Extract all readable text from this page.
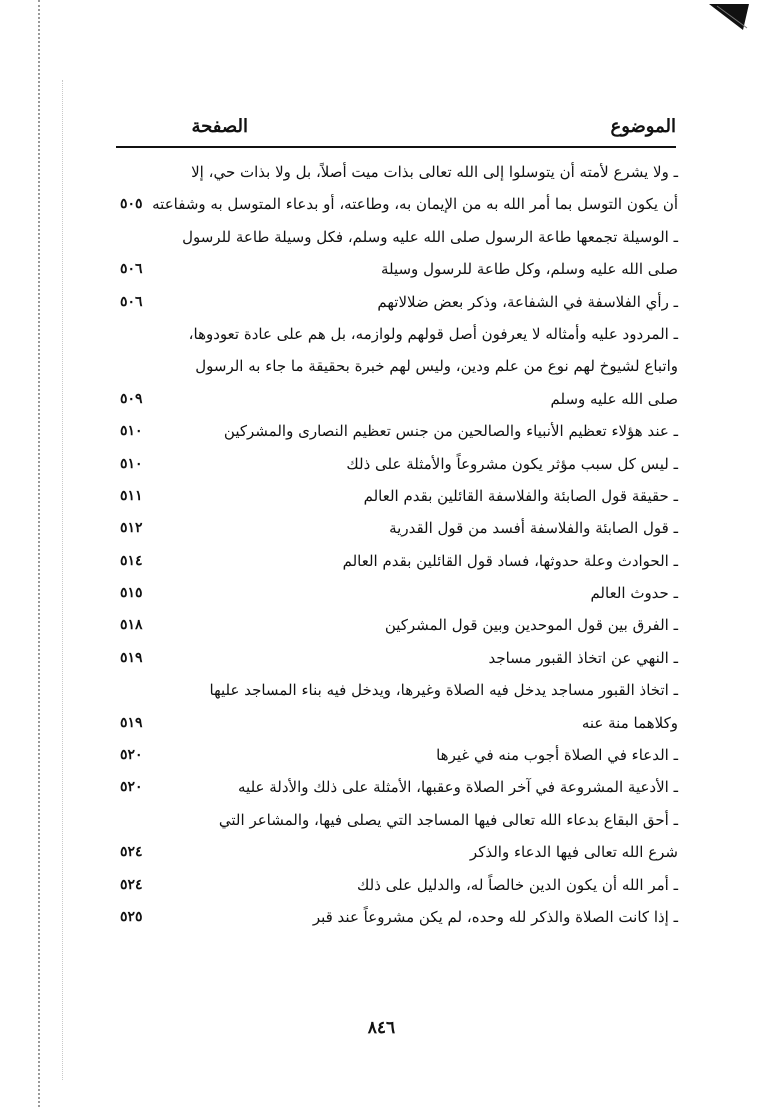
الموضوع
الصفحة
ـ ولا يشرع لأمته أن يتوسلوا إلى الله تعالى بذات ميت أصلاً، بل ولا بذات حي، إلا
أن يكون التوسل بما أمر الله به من الإيمان به، وطاعته، أو بدعاء المتوسل به وشفاعته
٥٠٥
ـ الوسيلة تجمعها طاعة الرسول صلى الله عليه وسلم، فكل وسيلة طاعة للرسول
صلى الله عليه وسلم، وكل طاعة للرسول وسيلة
٥٠٦
ـ رأي الفلاسفة في الشفاعة، وذكر بعض ضلالاتهم
٥٠٦
ـ المردود عليه وأمثاله لا يعرفون أصل قولهم ولوازمه، بل هم على عادة تعودوها،
واتباع لشيوخ لهم نوع من علم ودين، وليس لهم خبرة بحقيقة ما جاء به الرسول
صلى الله عليه وسلم
٥٠٩
ـ عند هؤلاء تعظيم الأنبياء والصالحين من جنس تعظيم النصارى والمشركين
٥١٠
ـ ليس كل سبب مؤثر يكون مشروعاً والأمثلة على ذلك
٥١٠
ـ حقيقة قول الصابئة والفلاسفة القائلين بقدم العالم
٥١١
ـ قول الصابئة والفلاسفة أفسد من قول القدرية
٥١٢
ـ الحوادث وعلة حدوثها، فساد قول القائلين بقدم العالم
٥١٤
ـ حدوث العالم
٥١٥
ـ الفرق بين قول الموحدين وبين قول المشركين
٥١٨
ـ النهي عن اتخاذ القبور مساجد
٥١٩
ـ اتخاذ القبور مساجد يدخل فيه الصلاة وغيرها، ويدخل فيه بناء المساجد عليها
وكلاهما منة عنه
٥١٩
ـ الدعاء في الصلاة أجوب منه في غيرها
٥٢٠
ـ الأدعية المشروعة في آخر الصلاة وعقبها، الأمثلة على ذلك والأدلة عليه
٥٢٠
ـ أحق البقاع بدعاء الله تعالى فيها المساجد التي يصلى فيها، والمشاعر التي
شرع الله تعالى فيها الدعاء والذكر
٥٢٤
ـ أمر الله أن يكون الدين خالصاً له، والدليل على ذلك
٥٢٤
ـ إذا كانت الصلاة والذكر لله وحده، لم يكن مشروعاً عند قبر
٥٢٥
٨٤٦
